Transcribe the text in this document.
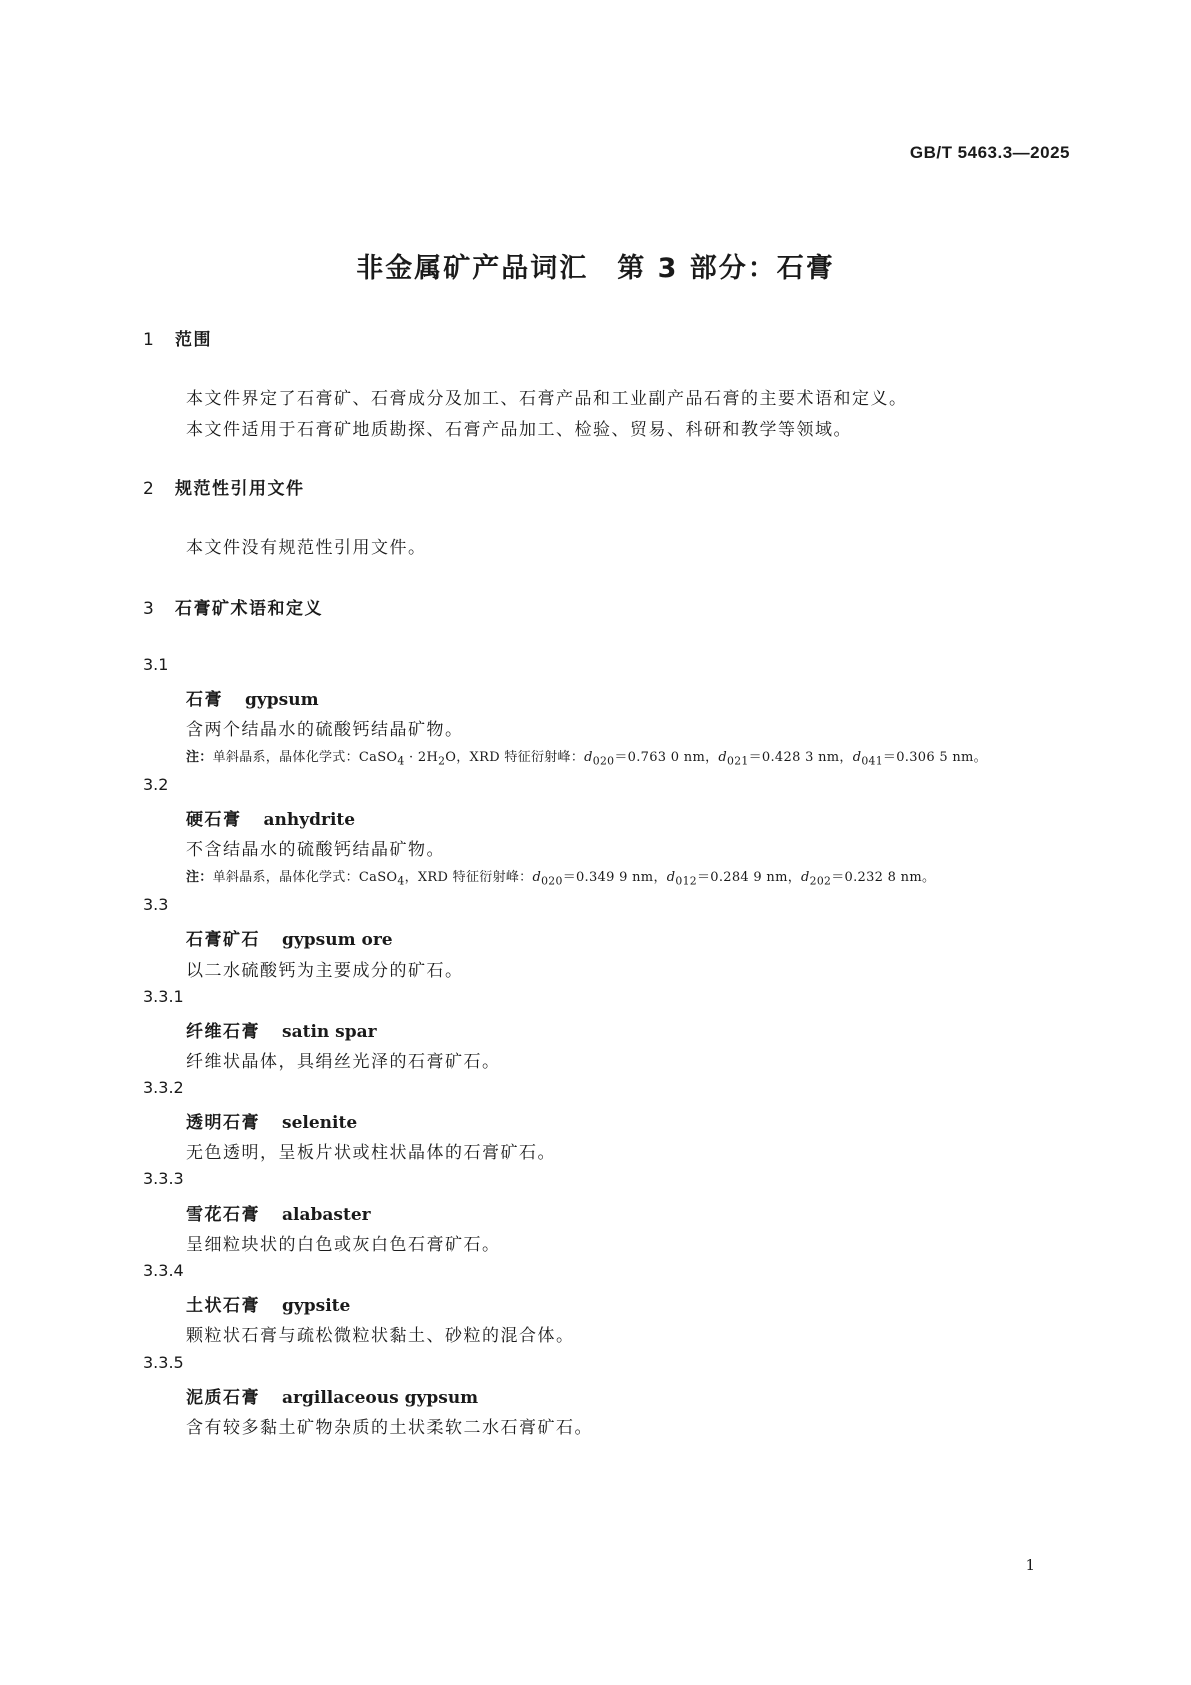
GB/T 5463.3—2025
非金属矿产品词汇　第 3 部分：石膏
1 范围

本文件界定了石膏矿、石膏成分及加工、石膏产品和工业副产品石膏的主要术语和定义。

本文件适用于石膏矿地质勘探、石膏产品加工、检验、贸易、科研和教学等领域。

2 规范性引用文件

本文件没有规范性引用文件。

3 石膏矿术语和定义
3.1
石膏 gypsum

含两个结晶水的硫酸钙结晶矿物。

注：单斜晶系，晶体化学式：CaSO$_4$ · $2H_2O$，XRD 特征衍射峰：$d_{020}=0.763$ 0 nm，$d_{021}=0.428$ 3 nm，$d_{041}=0.306$ 5 nm。

3.2
硬石膏 anhydrite

不含结晶水的硫酸钙结晶矿物。

注：单斜晶系，晶体化学式：CaSO$_4$，XRD 特征衍射峰：$d_{020}=0.349$ 9 nm，$d_{012}=0.284$ 9 nm，$d_{202}=0.232$ 8 nm。

3.3
石膏矿石 gypsum ore

以二水硫酸钙为主要成分的矿石。

3.3.1
纤维石膏 satin spar

纤维状晶体，具绢丝光泽的石膏矿石。

3.3.2
透明石膏 selenite

无色透明，呈板片状或柱状晶体的石膏矿石。

3.3.3
雪花石膏 alabaster

呈细粒块状的白色或灰白色石膏矿石。

3.3.4
土状石膏 gypsite

颗粒状石膏与疏松微粒状黏土、砂粒的混合体。

3.3.5
泥质石膏 argillaceous gypsum

含有较多黏土矿物杂质的土状柔软二水石膏矿石。

1
